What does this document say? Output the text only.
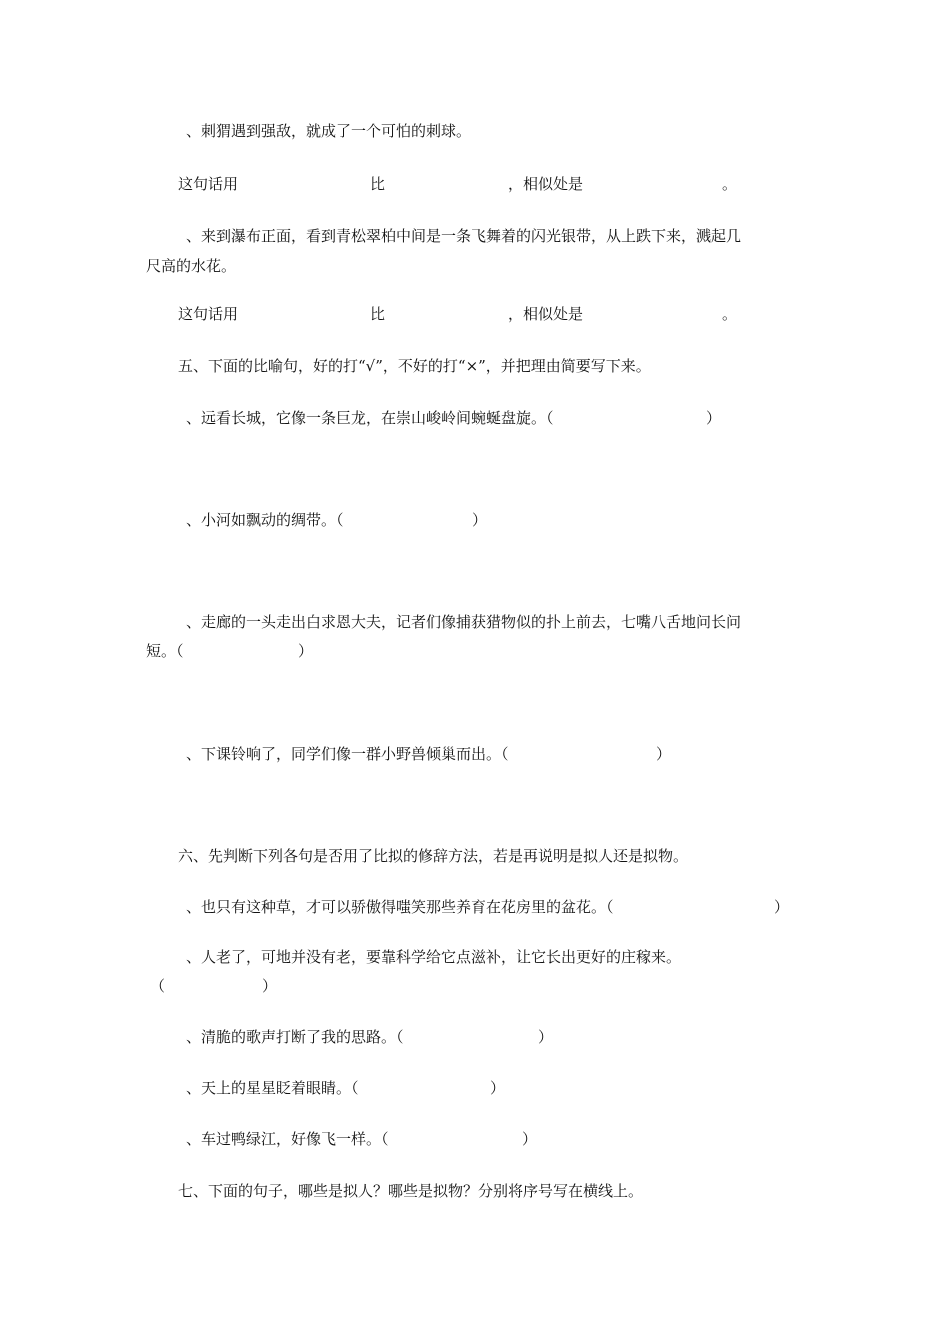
、刺猬遇到强敌，就成了一个可怕的刺球。
这句话用	比	，相似处是	。
、来到瀑布正面，看到青松翠柏中间是一条飞舞着的闪光银带，从上跌下来，溅起几
尺高的水花。
这句话用	比	，相似处是	。
五、下面的比喻句，好的打“√”，不好的打“×”，并把理由简要写下来。
、远看长城，它像一条巨龙，在崇山峻岭间蜿蜒盘旋。（	）
、小河如飘动的绸带。（	）
、走廊的一头走出白求恩大夫，记者们像捕获猎物似的扑上前去，七嘴八舌地问长问
短。（	）
、下课铃响了，同学们像一群小野兽倾巢而出。（	）
六、先判断下列各句是否用了比拟的修辞方法，若是再说明是拟人还是拟物。
、也只有这种草，才可以骄傲得嗤笑那些养育在花房里的盆花。（	）
、人老了，可地并没有老，要靠科学给它点滋补，让它长出更好的庄稼来。
（	）
、清脆的歌声打断了我的思路。（	）
、天上的星星眨着眼睛。（	）
、车过鸭绿江，好像飞一样。（	）
七、下面的句子，哪些是拟人？哪些是拟物？分别将序号写在横线上。
